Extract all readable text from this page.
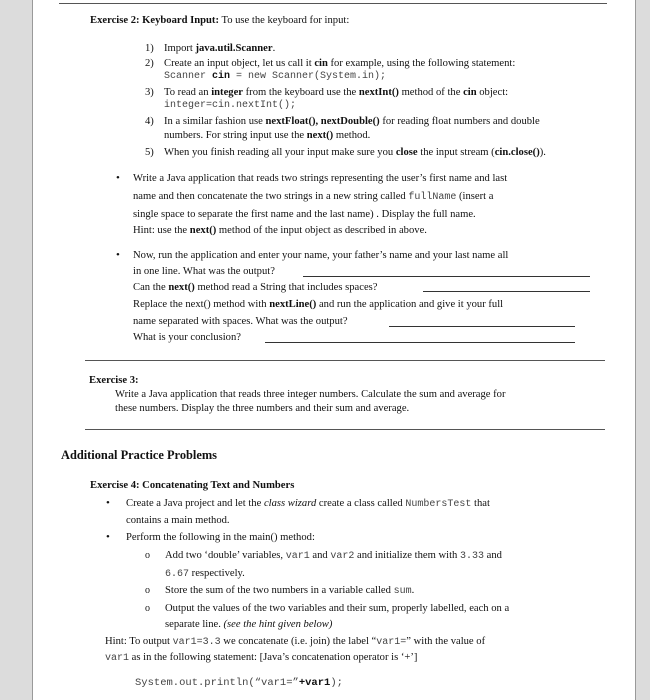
Exercise 2: Keyboard Input: To use the keyboard for input:
1) Import java.util.Scanner.
2) Create an input object, let us call it cin for example, using the following statement:
Scanner cin = new Scanner(System.in);
3) To read an integer from the keyboard use the nextInt() method of the cin object:
integer=cin.nextInt();
4) In a similar fashion use nextFloat(), nextDouble() for reading float numbers and double
numbers. For string input use the next() method.
5) When you finish reading all your input make sure you close the input stream (cin.close()).
• Write a Java application that reads two strings representing the user’s first name and last
name and then concatenate the two strings in a new string called fullName (insert a
single space to separate the first name and the last name) . Display the full name.
Hint: use the next() method of the input object as described in above.
• Now, run the application and enter your name, your father’s name and your last name all
in one line. What was the output?
Can the next() method read a String that includes spaces?
Replace the next() method with nextLine() and run the application and give it your full
name separated with spaces. What was the output?
What is your conclusion?
Exercise 3:
Write a Java application that reads three integer numbers. Calculate the sum and average for
these numbers. Display the three numbers and their sum and average.
Additional Practice Problems
Exercise 4: Concatenating Text and Numbers
• Create a Java project and let the class wizard create a class called NumbersTest that
contains a main method.
• Perform the following in the main() method:
o Add two ‘double’ variables, var1 and var2 and initialize them with 3.33 and
6.67 respectively.
o Store the sum of the two numbers in a variable called sum.
o Output the values of the two variables and their sum, properly labelled, each on a
separate line. (see the hint given below)
Hint: To output var1=3.3 we concatenate (i.e. join) the label “var1=” with the value of
var1 as in the following statement: [Java’s concatenation operator is ‘+’]
System.out.println(“var1=”+var1);
